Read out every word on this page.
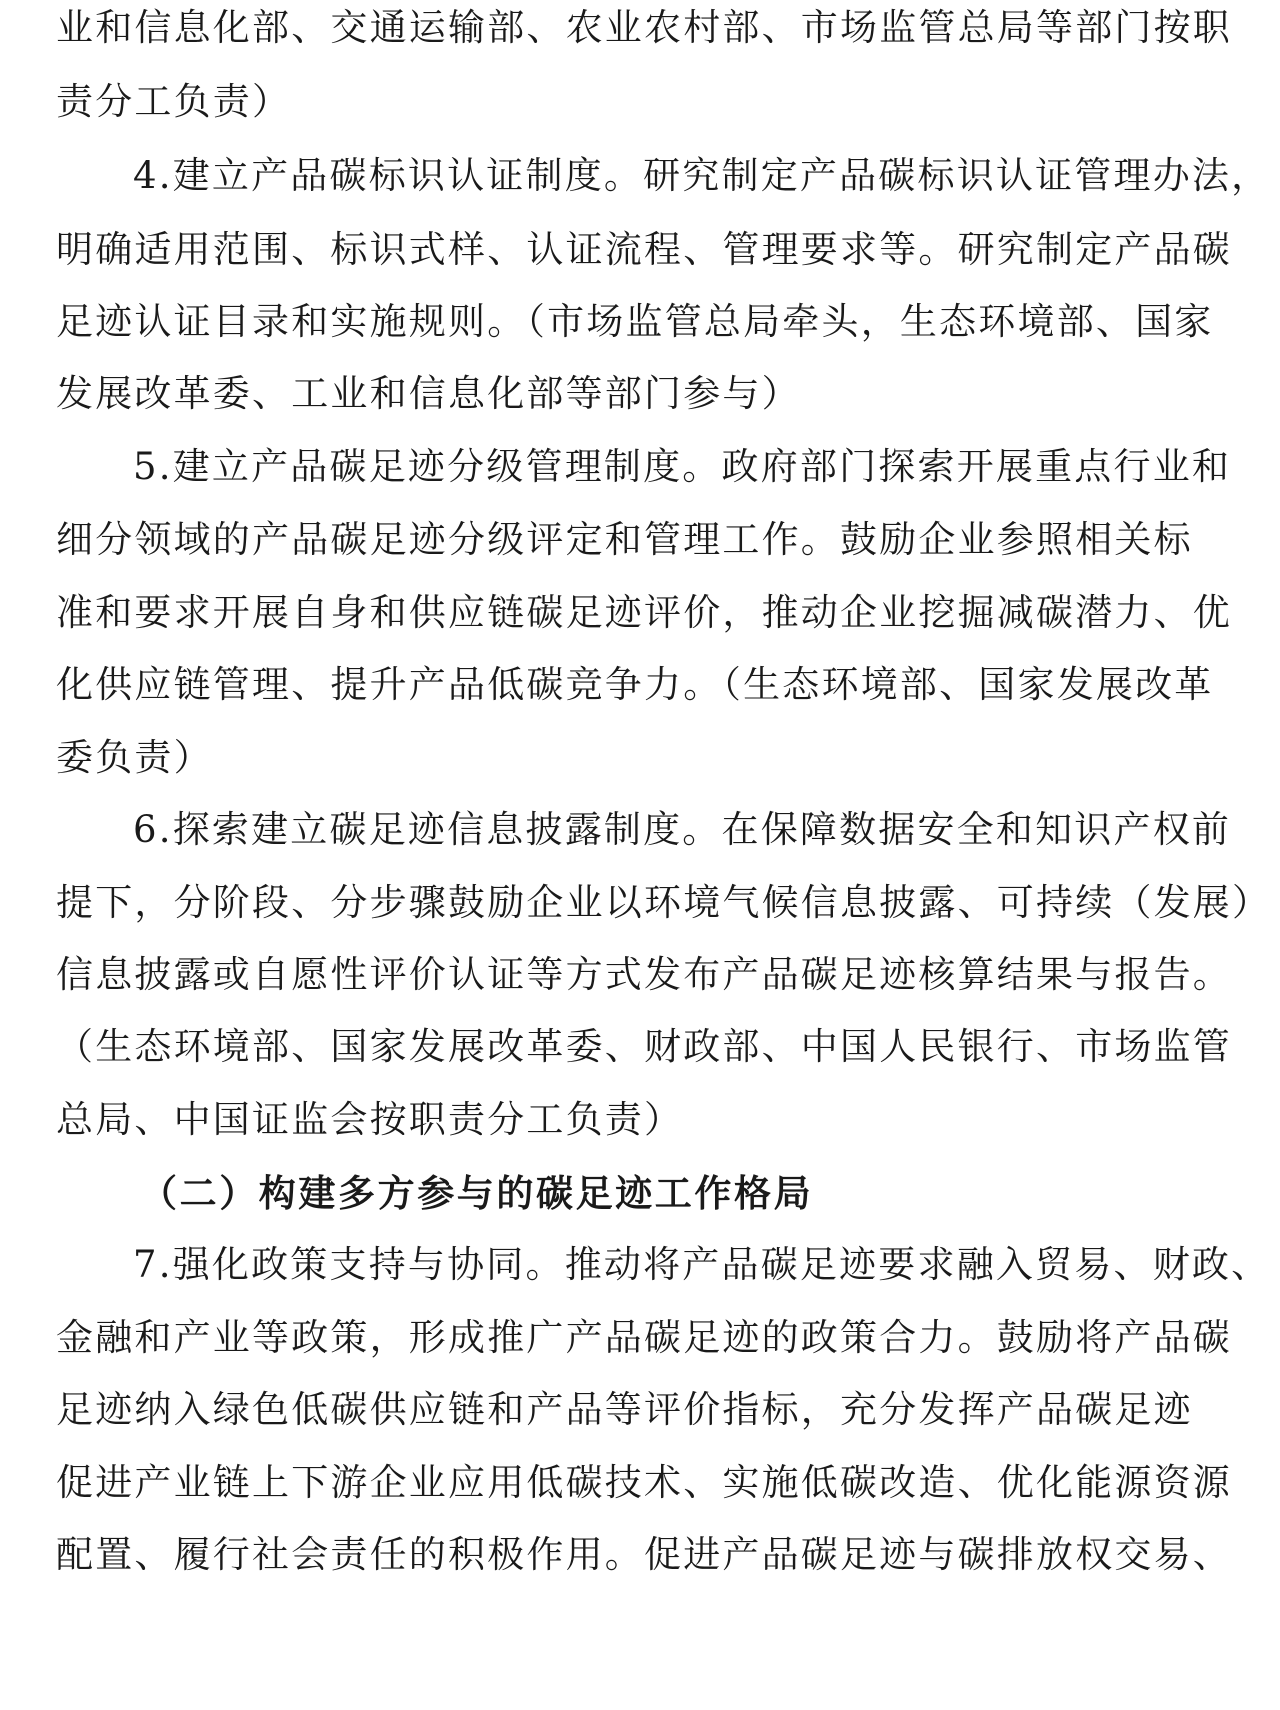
业和信息化部、交通运输部、农业农村部、市场监管总局等部门按职
责分工负责）
4.建立产品碳标识认证制度。研究制定产品碳标识认证管理办法，
明确适用范围、标识式样、认证流程、管理要求等。研究制定产品碳
足迹认证目录和实施规则。（市场监管总局牵头，生态环境部、国家
发展改革委、工业和信息化部等部门参与）
5.建立产品碳足迹分级管理制度。政府部门探索开展重点行业和
细分领域的产品碳足迹分级评定和管理工作。鼓励企业参照相关标
准和要求开展自身和供应链碳足迹评价，推动企业挖掘减碳潜力、优
化供应链管理、提升产品低碳竞争力。（生态环境部、国家发展改革
委负责）
6.探索建立碳足迹信息披露制度。在保障数据安全和知识产权前
提下，分阶段、分步骤鼓励企业以环境气候信息披露、可持续（发展）
信息披露或自愿性评价认证等方式发布产品碳足迹核算结果与报告。
（生态环境部、国家发展改革委、财政部、中国人民银行、市场监管
总局、中国证监会按职责分工负责）
（二）构建多方参与的碳足迹工作格局
7.强化政策支持与协同。推动将产品碳足迹要求融入贸易、财政、
金融和产业等政策，形成推广产品碳足迹的政策合力。鼓励将产品碳
足迹纳入绿色低碳供应链和产品等评价指标，充分发挥产品碳足迹
促进产业链上下游企业应用低碳技术、实施低碳改造、优化能源资源
配置、履行社会责任的积极作用。促进产品碳足迹与碳排放权交易、
